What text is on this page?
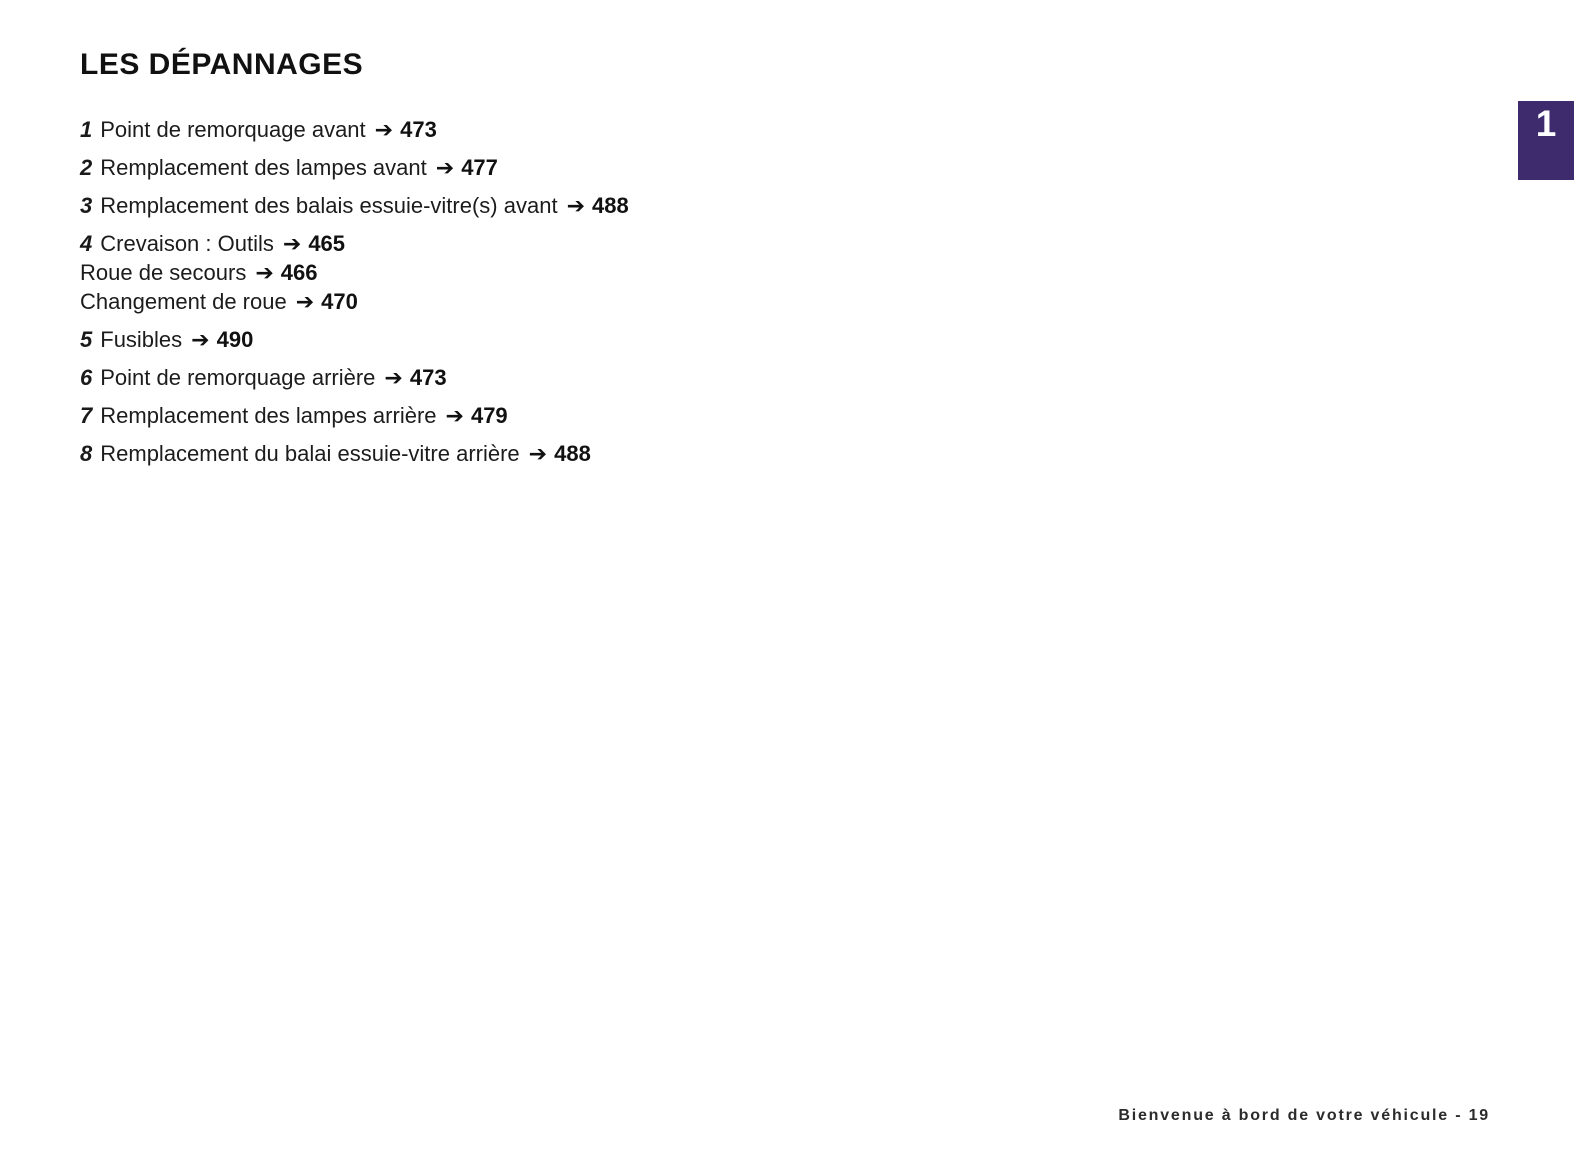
LES DÉPANNAGES
1 Point de remorquage avant ➔ 473
2 Remplacement des lampes avant ➔ 477
3 Remplacement des balais essuie-vitre(s) avant ➔ 488
4 Crevaison : Outils ➔ 465
Roue de secours ➔ 466
Changement de roue ➔ 470
5 Fusibles ➔ 490
6 Point de remorquage arrière ➔ 473
7 Remplacement des lampes arrière ➔ 479
8 Remplacement du balai essuie-vitre arrière ➔ 488
1
Bienvenue à bord de votre véhicule - 19
